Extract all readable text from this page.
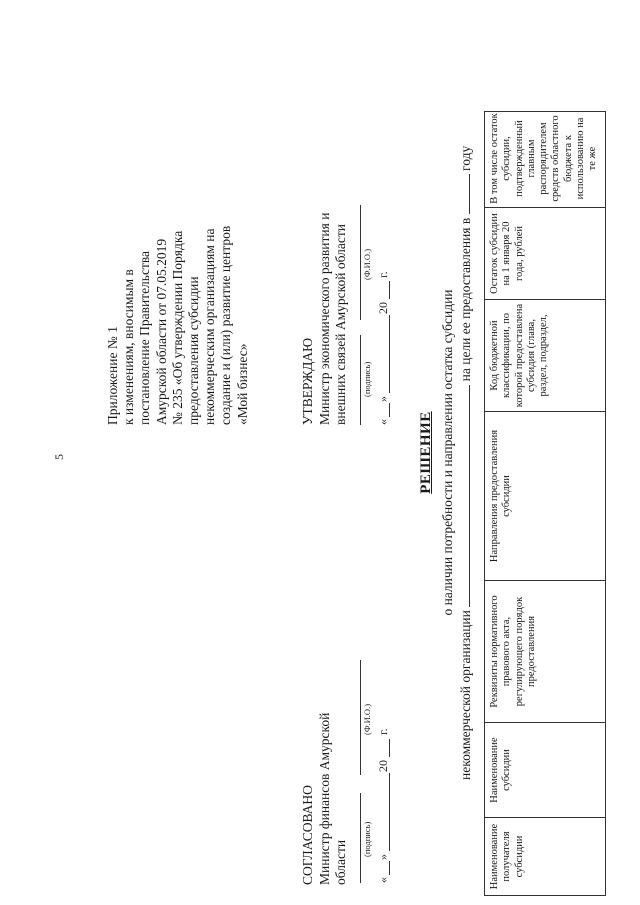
5
Приложение № 1 к изменениям, вносимым в постановление Правительства Амурской области от 07.05.2019 № 235 «Об утверждении Порядка предоставления субсидии некоммерческим организациям на создание и (или) развитие центров «Мой бизнес»	УТВЕРЖДАЮ Министр экономического развития и внешних связей Амурской области (подпись)
(Ф.И.О.)
«
»
20
г.
СОГЛАСОВАНО Министр финансов Амурской области
(подпись)
(Ф.И.О.)
«
»
20
г.
РЕШЕНИЕ о наличии потребности и направлении остатка субсидии
некоммерческой организации  на цели ее предоставления в  году
Наименование получателя субсидии
Наименование субсидии
Реквизиты нормативного правового акта, регулирующего порядок предоставления
Направления предоставления субсидии
Код бюджетной классификации, по которой предоставлена субсидия (глава, раздел, подраздел,
Остаток субсидии на 1 января 20 года, рублей
В том числе остаток субсидии, подтвержденный главным распорядителем средств областного бюджета к использованию на те же
